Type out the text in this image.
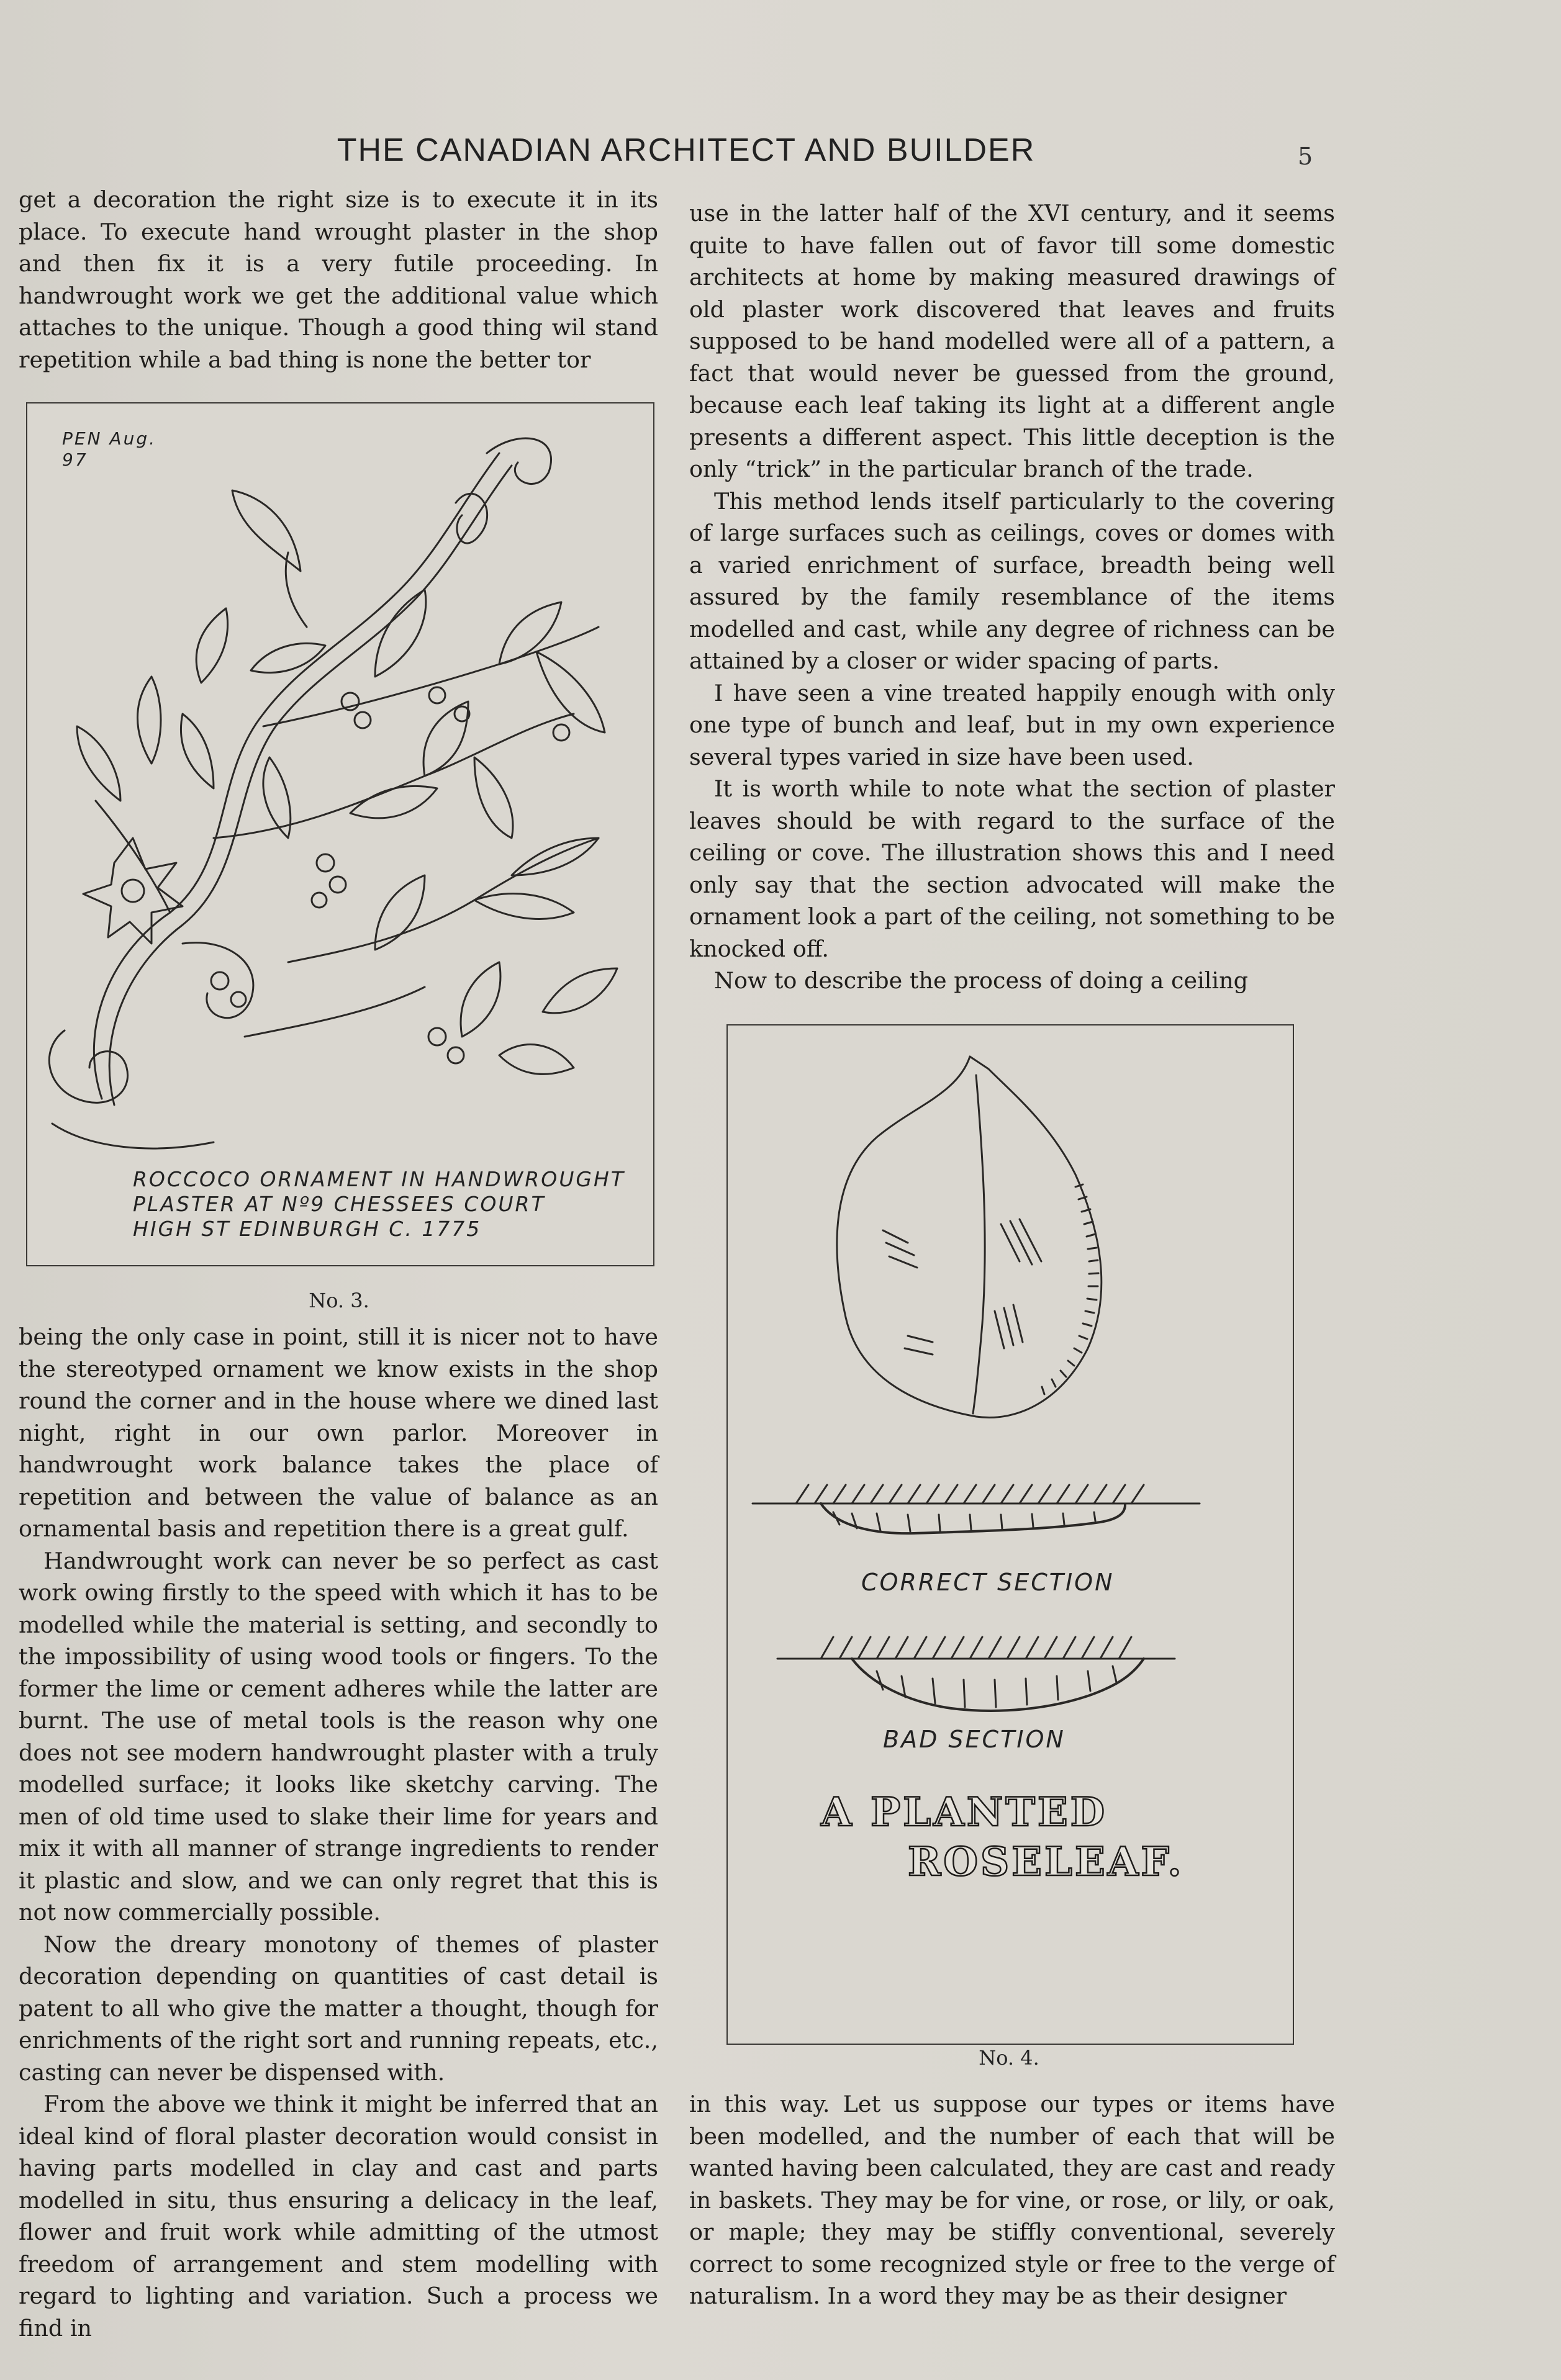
THE CANADIAN ARCHITECT AND BUILDER	5

get a decoration the right size is to execute it in its place. To execute hand wrought plaster in the shop and then fix it is a very futile proceeding. In handwrought work we get the additional value which attaches to the unique. Though a good thing wil stand repetition while a bad thing is none the better tor

PEN Aug. 97
ROCCOCO ORNAMENT IN HANDWROUGHT
PLASTER AT Nº9 CHESSEES COURT
HIGH ST EDINBURGH C. 1775
No. 3.

being the only case in point, still it is nicer not to have the stereotyped ornament we know exists in the shop round the corner and in the house where we dined last night, right in our own parlor. Moreover in handwrought work balance takes the place of repetition and between the value of balance as an ornamental basis and repetition there is a great gulf.

Handwrought work can never be so perfect as cast work owing firstly to the speed with which it has to be modelled while the material is setting, and secondly to the impossibility of using wood tools or fingers. To the former the lime or cement adheres while the latter are burnt. The use of metal tools is the reason why one does not see modern handwrought plaster with a truly modelled surface; it looks like sketchy carving. The men of old time used to slake their lime for years and mix it with all manner of strange ingredients to render it plastic and slow, and we can only regret that this is not now commercially possible.

Now the dreary monotony of themes of plaster decoration depending on quantities of cast detail is patent to all who give the matter a thought, though for enrichments of the right sort and running repeats, etc., casting can never be dispensed with.

From the above we think it might be inferred that an ideal kind of floral plaster decoration would consist in having parts modelled in clay and cast and parts modelled in situ, thus ensuring a delicacy in the leaf, flower and fruit work while admitting of the utmost freedom of arrangement and stem modelling with regard to lighting and variation. Such a process we find in

use in the latter half of the XVI century, and it seems quite to have fallen out of favor till some domestic architects at home by making measured drawings of old plaster work discovered that leaves and fruits supposed to be hand modelled were all of a pattern, a fact that would never be guessed from the ground, because each leaf taking its light at a different angle presents a different aspect. This little deception is the only “trick” in the particular branch of the trade.

This method lends itself particularly to the covering of large surfaces such as ceilings, coves or domes with a varied enrichment of surface, breadth being well assured by the family resemblance of the items modelled and cast, while any degree of richness can be attained by a closer or wider spacing of parts.

I have seen a vine treated happily enough with only one type of bunch and leaf, but in my own experience several types varied in size have been used.

It is worth while to note what the section of plaster leaves should be with regard to the surface of the ceiling or cove. The illustration shows this and I need only say that the section advocated will make the ornament look a part of the ceiling, not something to be knocked off.

Now to describe the process of doing a ceiling

CORRECT SECTION
BAD SECTION
A PLANTED
ROSELEAF.
No. 4.

in this way. Let us suppose our types or items have been modelled, and the number of each that will be wanted having been calculated, they are cast and ready in baskets. They may be for vine, or rose, or lily, or oak, or maple; they may be stiffly conventional, severely correct to some recognized style or free to the verge of naturalism. In a word they may be as their designer
